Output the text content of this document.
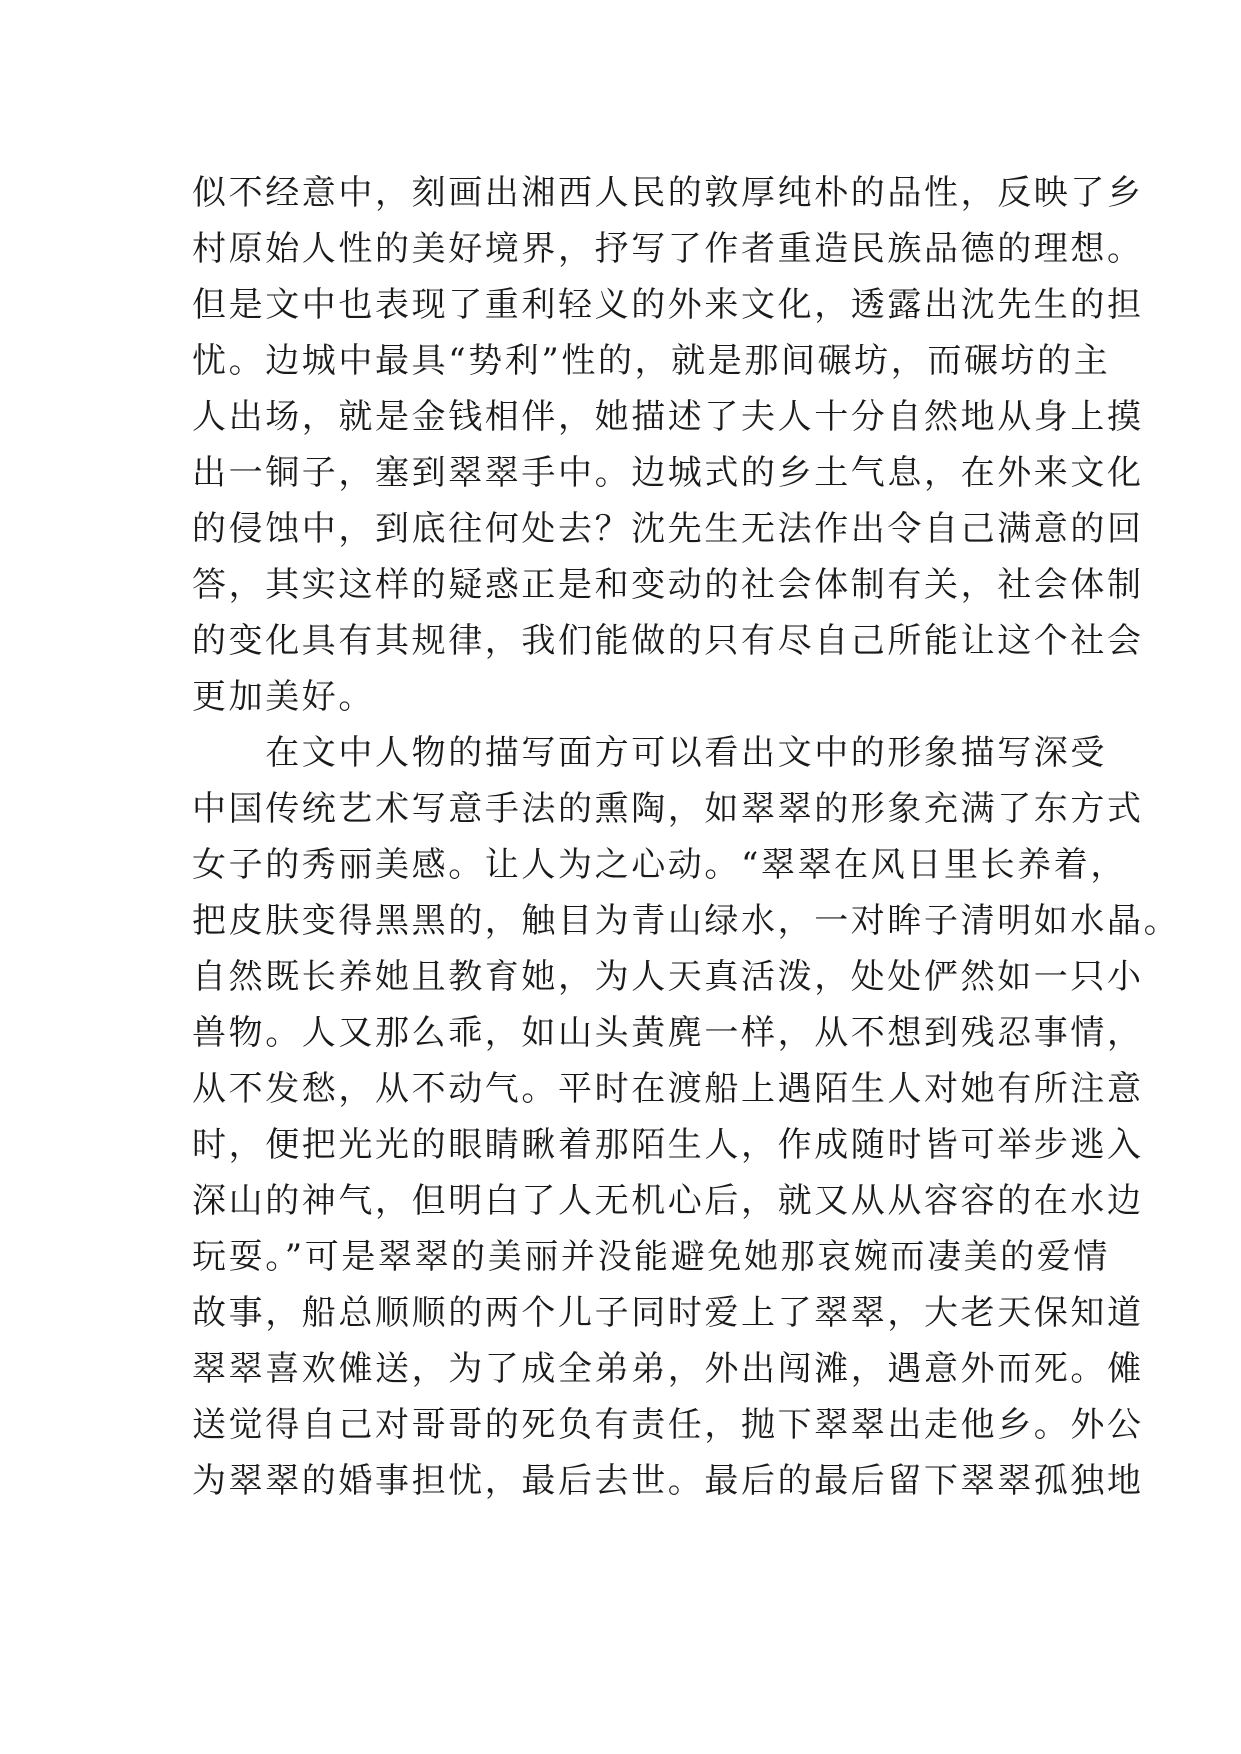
似不经意中，刻画出湘西人民的敦厚纯朴的品性，反映了乡
村原始人性的美好境界，抒写了作者重造民族品德的理想。
但是文中也表现了重利轻义的外来文化，透露出沈先生的担
忧。边城中最具“势利”性的，就是那间碾坊，而碾坊的主
人出场，就是金钱相伴，她描述了夫人十分自然地从身上摸
出一铜子，塞到翠翠手中。边城式的乡土气息，在外来文化
的侵蚀中，到底往何处去？沈先生无法作出令自己满意的回
答，其实这样的疑惑正是和变动的社会体制有关，社会体制
的变化具有其规律，我们能做的只有尽自己所能让这个社会
更加美好。
　　在文中人物的描写面方可以看出文中的形象描写深受
中国传统艺术写意手法的熏陶，如翠翠的形象充满了东方式
女子的秀丽美感。让人为之心动。“翠翠在风日里长养着，
把皮肤变得黑黑的，触目为青山绿水，一对眸子清明如水晶。
自然既长养她且教育她，为人天真活泼，处处俨然如一只小
兽物。人又那么乖，如山头黄麂一样，从不想到残忍事情，
从不发愁，从不动气。平时在渡船上遇陌生人对她有所注意
时，便把光光的眼睛瞅着那陌生人，作成随时皆可举步逃入
深山的神气，但明白了人无机心后，就又从从容容的在水边
玩耍。”可是翠翠的美丽并没能避免她那哀婉而凄美的爱情
故事，船总顺顺的两个儿子同时爱上了翠翠，大老天保知道
翠翠喜欢傩送，为了成全弟弟，外出闯滩，遇意外而死。傩
送觉得自己对哥哥的死负有责任，抛下翠翠出走他乡。外公
为翠翠的婚事担忧，最后去世。最后的最后留下翠翠孤独地
